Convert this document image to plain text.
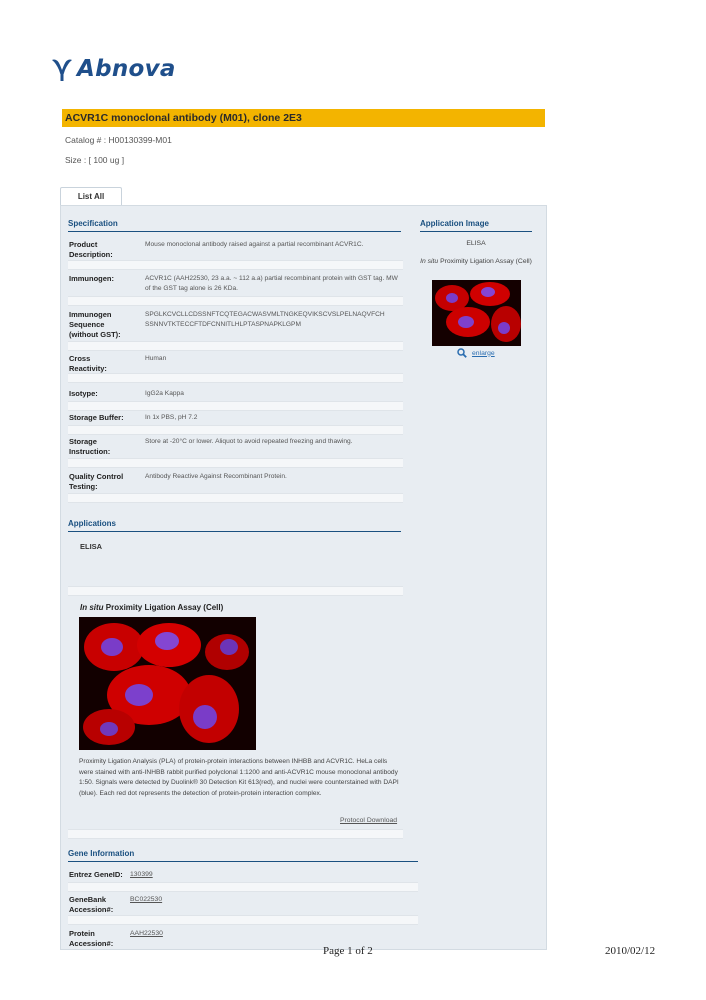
Abnova
ACVR1C monoclonal antibody (M01), clone 2E3
Catalog # : H00130399-M01
Size : [ 100 ug ]
List All
Specification
Product Description:
Mouse monoclonal antibody raised against a partial recombinant ACVR1C.
Immunogen:	ACVR1C (AAH22530, 23 a.a. ~ 112 a.a) partial recombinant protein with GST tag. MW of the GST tag alone is 26 KDa.
Immunogen Sequence (without GST):
SPGLKCVCLLCDSSNFTCQTEGACWASVMLTNGKEQVIKSCVSLPELNAQVFCHSSNNVTKTECCFTDFCNNITLHLPTASPNAPKLGPM
Cross Reactivity:
Human
Isotype:	IgG2a Kappa
Storage Buffer:	In 1x PBS, pH 7.2
Storage Instruction:
Store at -20°C or lower. Aliquot to avoid repeated freezing and thawing.
Quality Control Testing:
Antibody Reactive Against Recombinant Protein.
Application Image
ELISA
In situ Proximity Ligation Assay (Cell)
enlarge
Applications
ELISA
In situ Proximity Ligation Assay (Cell)
Proximity Ligation Analysis (PLA) of protein-protein interactions between INHBB and ACVR1C. HeLa cells were stained with anti-INHBB rabbit purified polyclonal 1:1200 and anti-ACVR1C mouse monoclonal antibody 1:50. Signals were detected by Duolink® 30 Detection Kit 613(red), and nuclei were counterstained with DAPI (blue). Each red dot represents the detection of protein-protein interaction complex.
Protocol Download
Gene Information
Entrez GeneID:	130399
GeneBank Accession#:
BC022530
Protein Accession#:
AAH22530
Page 1 of 2	2010/02/12
